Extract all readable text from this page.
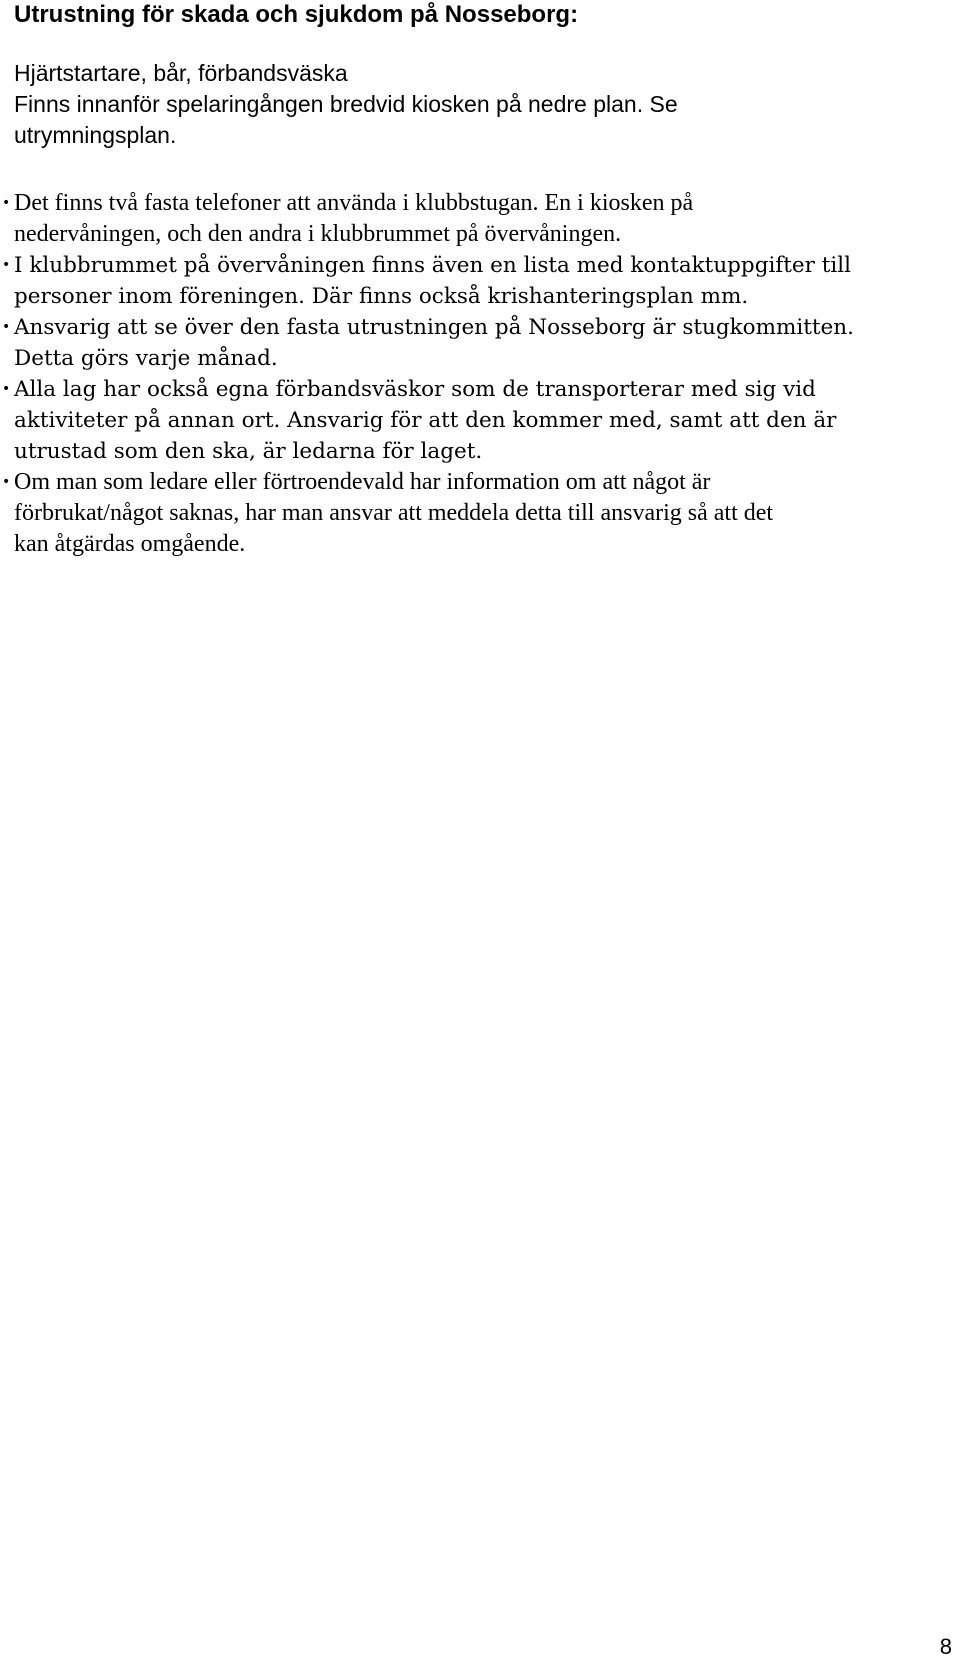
Utrustning för skada och sjukdom på Nosseborg:
Hjärtstartare, bår, förbandsväska
Finns innanför spelaringången bredvid kiosken på nedre plan. Se
utrymningsplan.
• Det finns två fasta telefoner att använda i klubbstugan. En i kiosken på
nedervåningen, och den andra i klubbrummet på övervåningen.
• I klubbrummet på övervåningen finns även en lista med kontaktuppgifter till
personer inom föreningen. Där finns också krishanteringsplan mm.
• Ansvarig att se över den fasta utrustningen på Nosseborg är stugkommitten.
Detta görs varje månad.
• Alla lag har också egna förbandsväskor som de transporterar med sig vid
aktiviteter på annan ort. Ansvarig för att den kommer med, samt att den är
utrustad som den ska, är ledarna för laget.
• Om man som ledare eller förtroendevald har information om att något är
förbrukat/något saknas, har man ansvar att meddela detta till ansvarig så att det
kan åtgärdas omgående.
8
